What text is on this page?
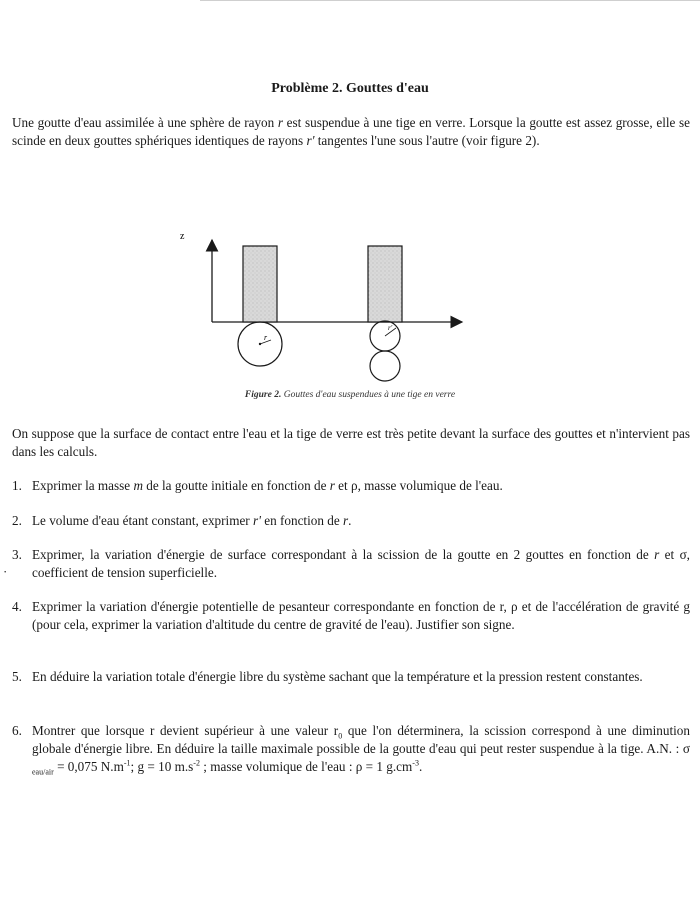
Problème 2. Gouttes d'eau
Une goutte d'eau assimilée à une sphère de rayon r est suspendue à une tige en verre. Lorsque la goutte est assez grosse, elle se scinde en deux gouttes sphériques identiques de rayons r' tangentes l'une sous l'autre (voir figure 2).
z
r
r'
Figure 2. Gouttes d'eau suspendues à une tige en verre
On suppose que la surface de contact entre l'eau et la tige de verre est très petite devant la surface des gouttes et n'intervient pas dans les calculs.
1. Exprimer la masse m de la goutte initiale en fonction de r et ρ, masse volumique de l'eau.
2. Le volume d'eau étant constant, exprimer r' en fonction de r.
3.
·
Exprimer, la variation d'énergie de surface correspondant à la scission de la goutte en 2 gouttes en fonction de r et σ, coefficient de tension superficielle.
4. Exprimer la variation d'énergie potentielle de pesanteur correspondante en fonction de r, ρ et de l'accélération de gravité g (pour cela, exprimer la variation d'altitude du centre de gravité de l'eau). Justifier son signe.
5. En déduire la variation totale d'énergie libre du système sachant que la température et la pression restent constantes.
6. Montrer que lorsque r devient supérieur à une valeur $r_0$ que l'on déterminera, la scission correspond à une diminution globale d'énergie libre. En déduire la taille maximale possible de la goutte d'eau qui peut rester suspendue à la tige. A.N. : σ $_{eau/air}$ = 0,075 $N.m^{-1}$; g = 10 $m.s^{-2}$ ; masse volumique de l'eau : ρ = 1 $g.cm^{-3}$.
